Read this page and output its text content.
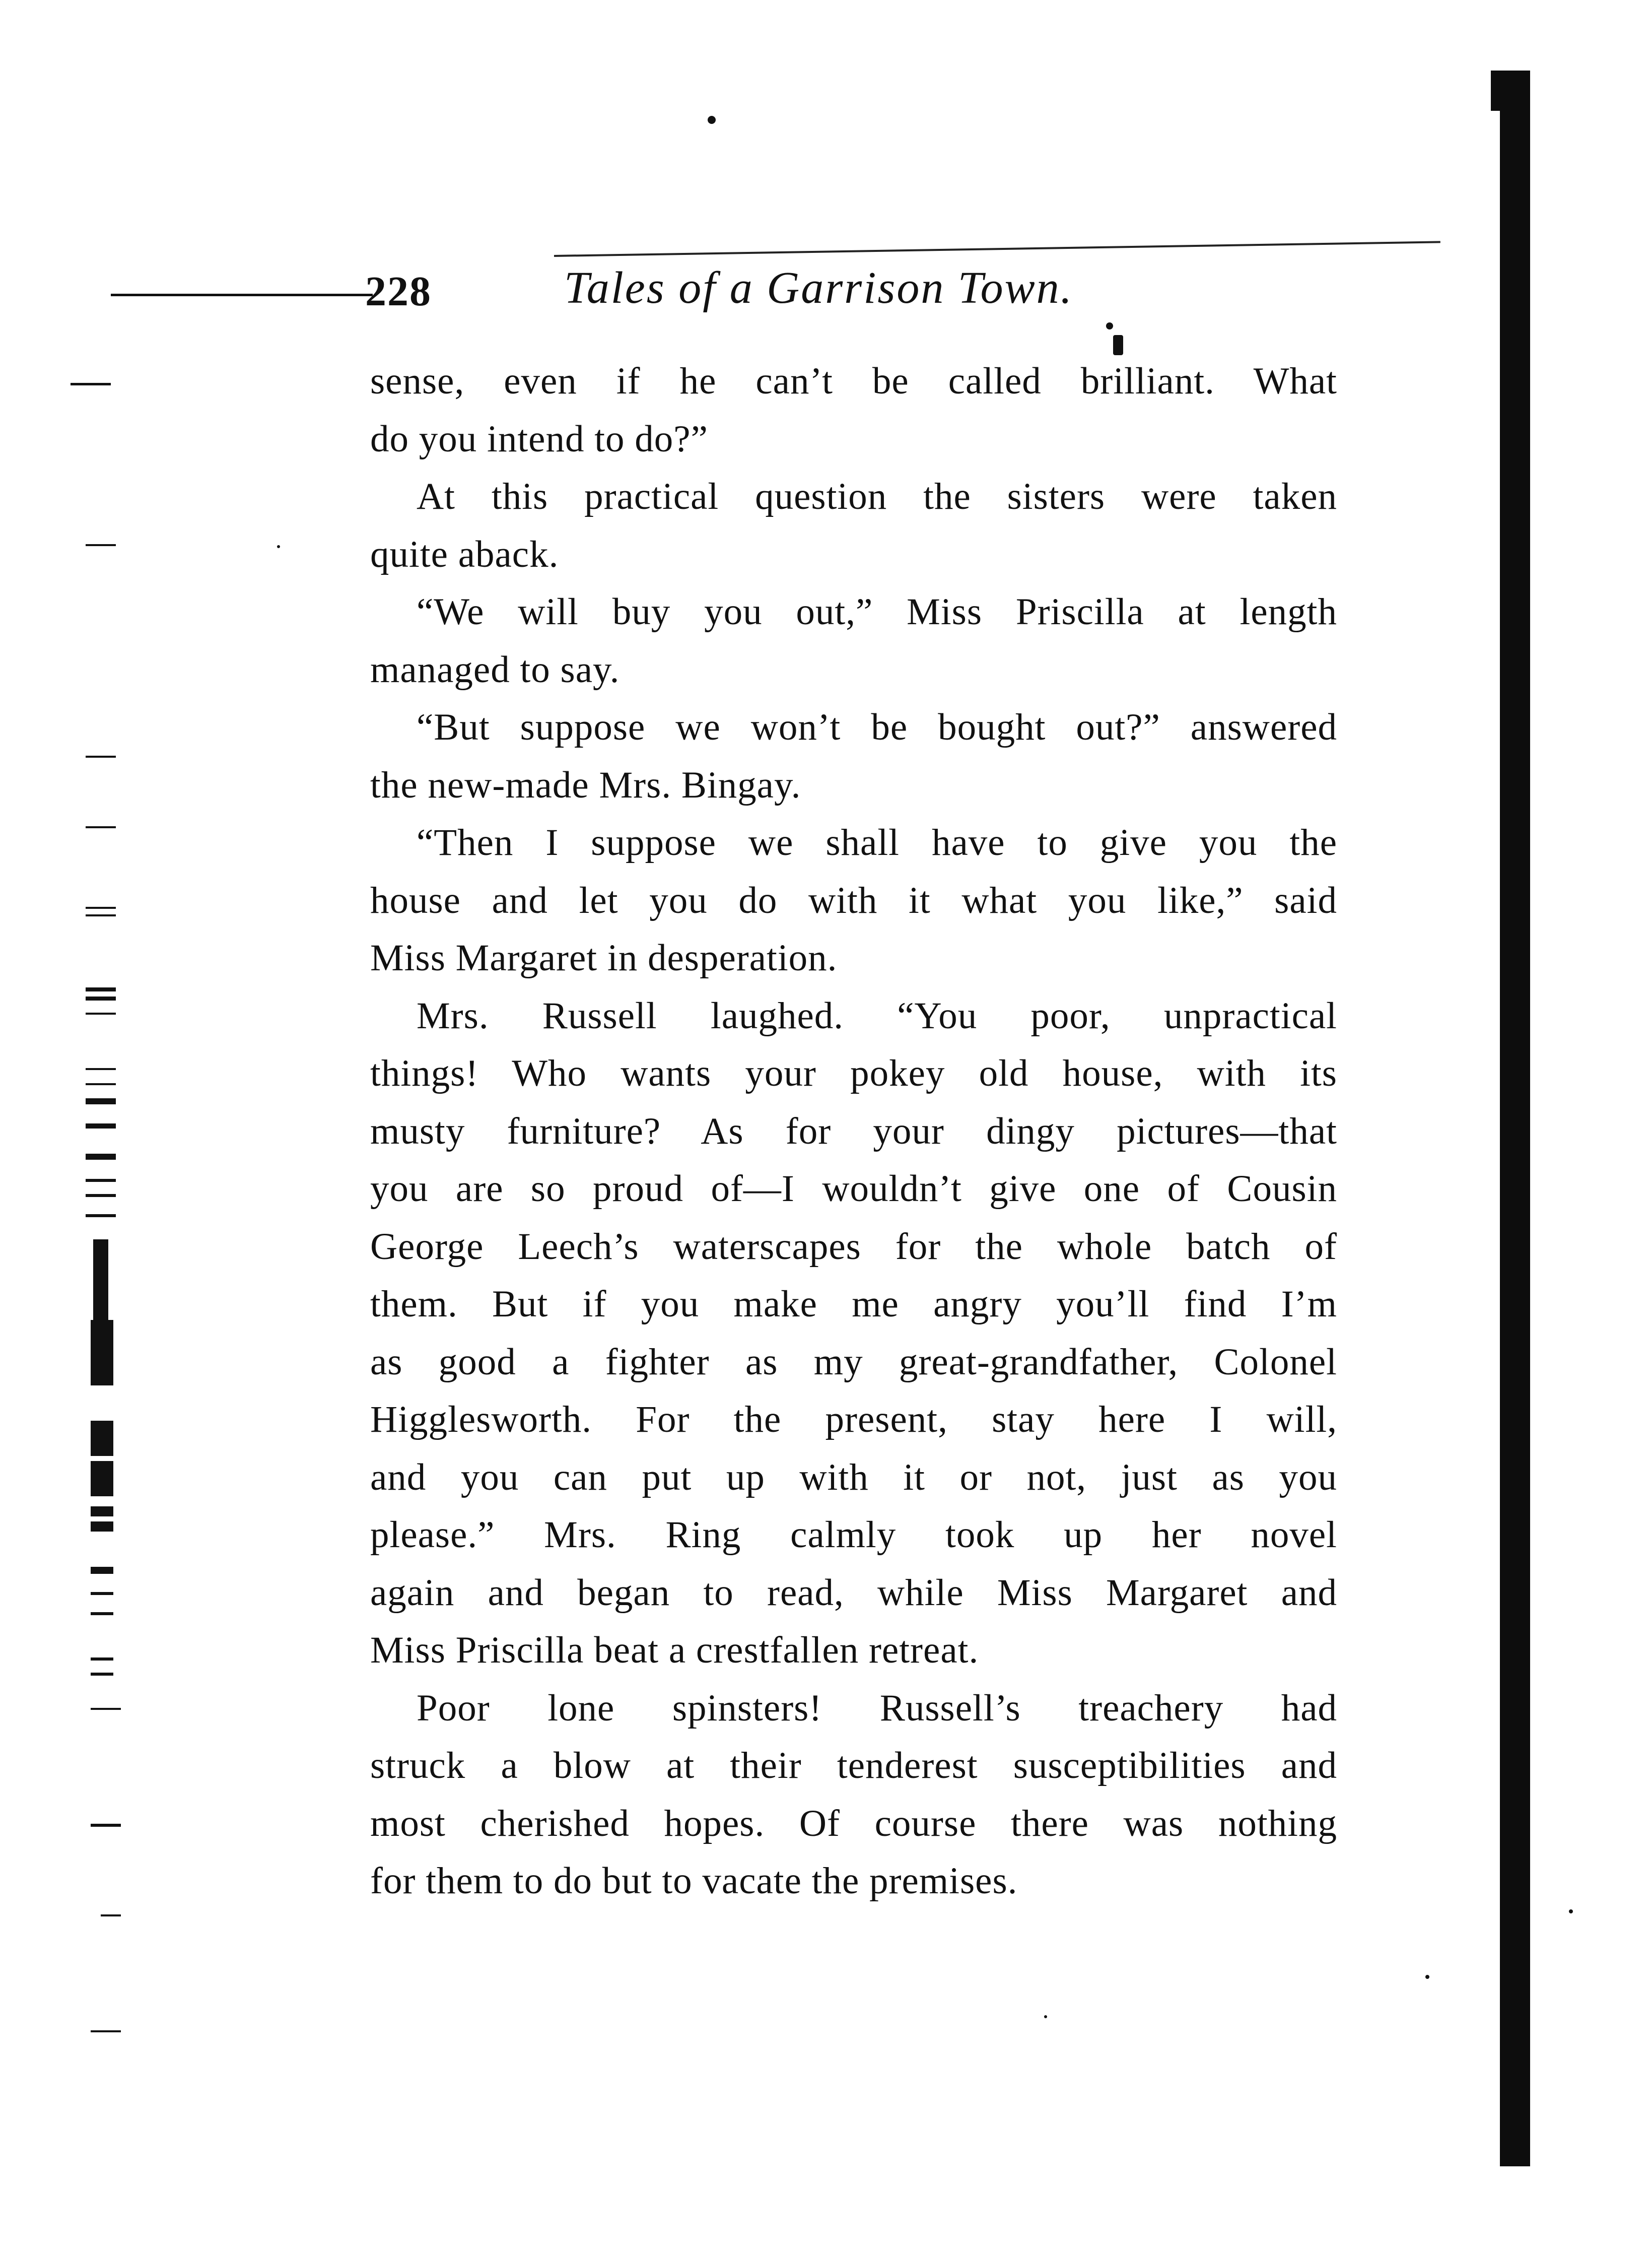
228	Tales of a Garrison Town.
sense, even if he can’t be called brilliant. What
do you intend to do?”
At this practical question the sisters were taken
quite aback.
“We will buy you out,” Miss Priscilla at length
managed to say.
“But suppose we won’t be bought out?” answered
the new-made Mrs. Bingay.
“Then I suppose we shall have to give you the
house and let you do with it what you like,” said
Miss Margaret in desperation.
Mrs. Russell laughed. “You poor, unpractical
things! Who wants your pokey old house, with its
musty furniture? As for your dingy pictures—that
you are so proud of—I wouldn’t give one of Cousin
George Leech’s waterscapes for the whole batch of
them. But if you make me angry you’ll find I’m
as good a fighter as my great-grandfather, Colonel
Higglesworth. For the present, stay here I will,
and you can put up with it or not, just as you
please.” Mrs. Ring calmly took up her novel
again and began to read, while Miss Margaret and
Miss Priscilla beat a crestfallen retreat.
Poor lone spinsters! Russell’s treachery had
struck a blow at their tenderest susceptibilities and
most cherished hopes. Of course there was nothing
for them to do but to vacate the premises.
